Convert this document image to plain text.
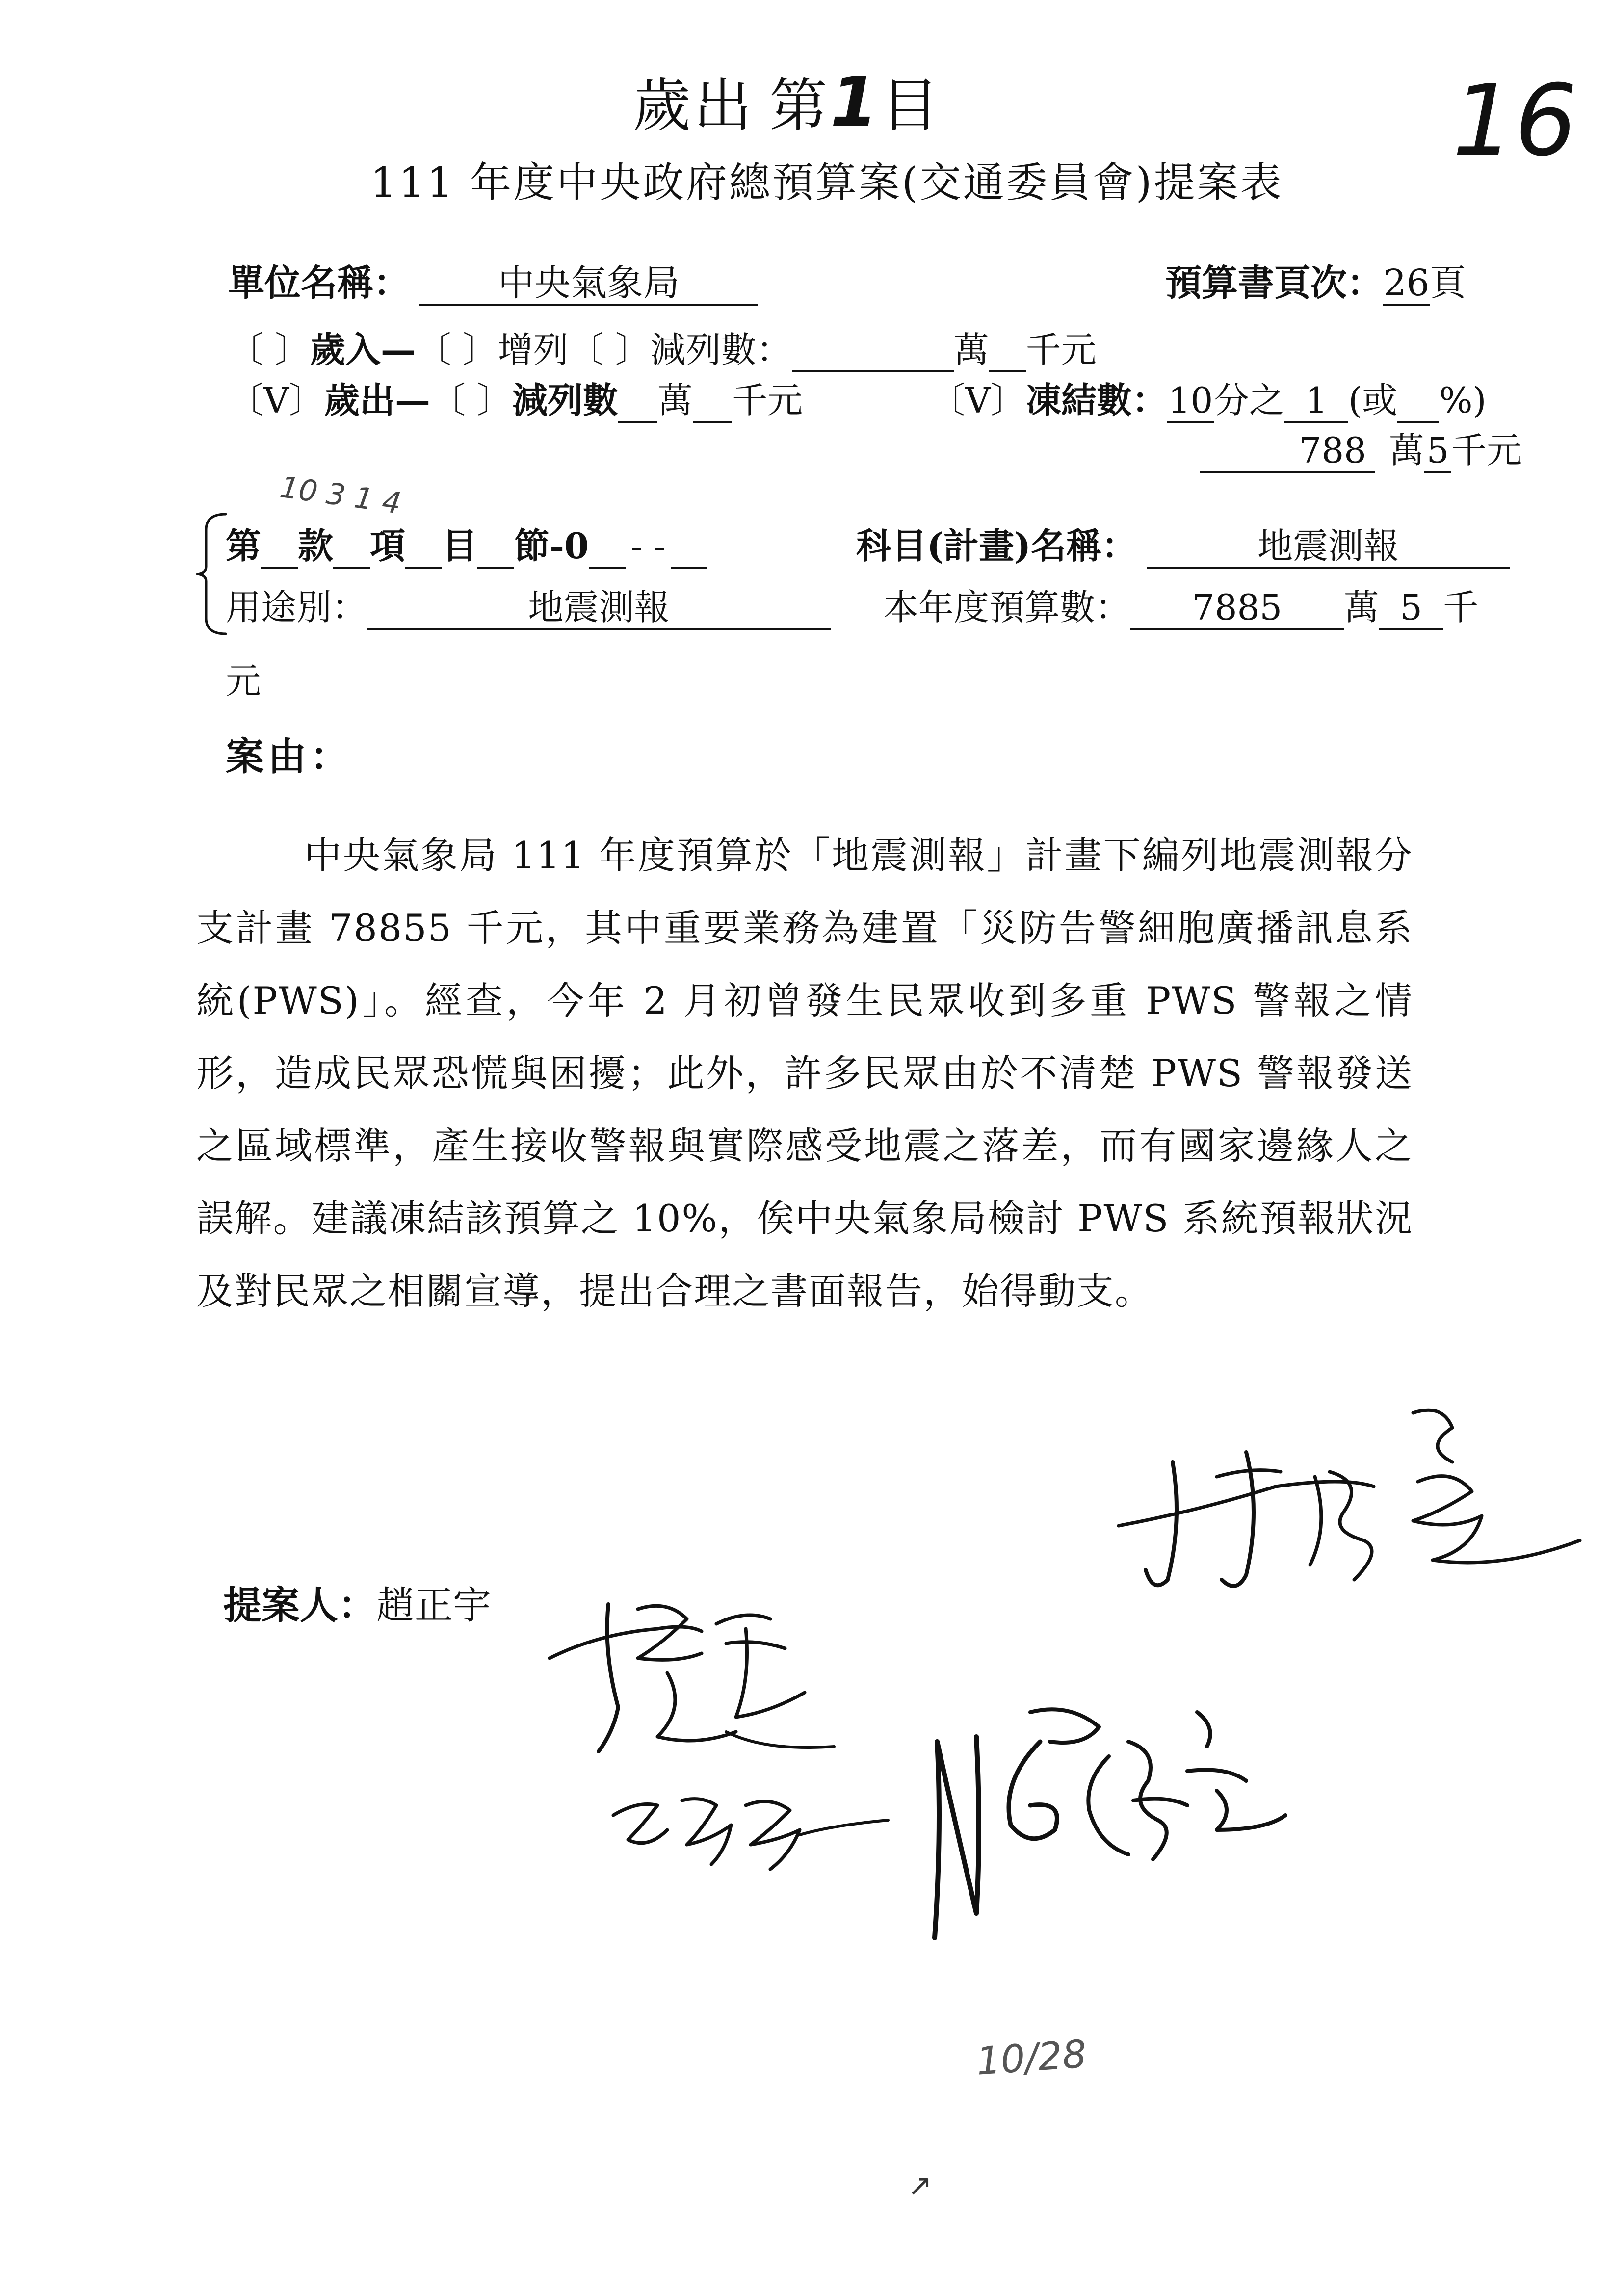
歲出 第1目	16
111 年度中央政府總預算案(交通委員會)提案表
單位名稱： 中央氣象局	預算書頁次：26頁
〔 〕歲入—〔 〕增列〔 〕減列數：	萬 千元
〔V〕歲出—〔 〕減列數 萬 千元	〔V〕凍結數：10分之 1 (或 %)
788 萬5千元
10 3 1 4
第 款 項 目 節-0 - -	科目(計畫)名稱：	地震測報
用途別：	地震測報	本年度預算數： 7885 萬 5 千
元
案由：
中央氣象局 111 年度預算於「地震測報」計畫下編列地震測報分支計畫 78855 千元，其中重要業務為建置「災防告警細胞廣播訊息系統(PWS)」。經查，今年 2 月初曾發生民眾收到多重 PWS 警報之情形，造成民眾恐慌與困擾；此外，許多民眾由於不清楚 PWS 警報發送之區域標準，產生接收警報與實際感受地震之落差，而有國家邊緣人之誤解。建議凍結該預算之 10%，俟中央氣象局檢討 PWS 系統預報狀況及對民眾之相關宣導，提出合理之書面報告，始得動支。
提案人：趙正宇
10/28
↗
